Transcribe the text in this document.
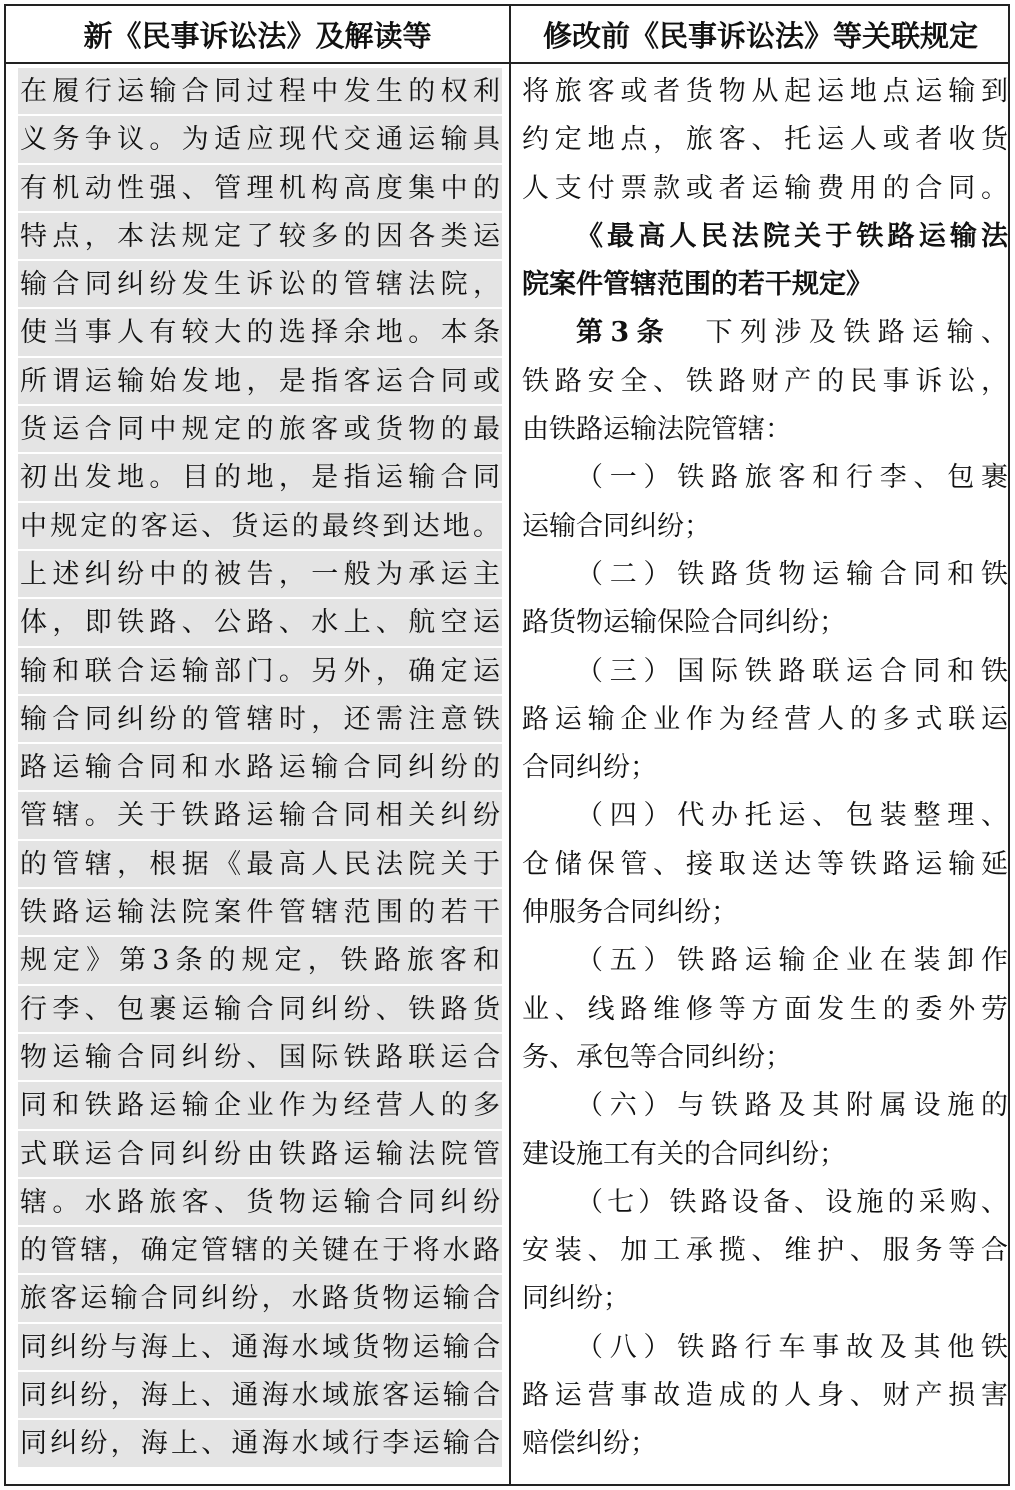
新《民事诉讼法》及解读等	修改前《民事诉讼法》等关联规定
在履行运输合同过程中发生的权利
义务争议。为适应现代交通运输具
有机动性强、管理机构高度集中的
特点，本法规定了较多的因各类运
输合同纠纷发生诉讼的管辖法院，
使当事人有较大的选择余地。本条
所谓运输始发地，是指客运合同或
货运合同中规定的旅客或货物的最
初出发地。目的地，是指运输合同
中规定的客运、货运的最终到达地。
上述纠纷中的被告，一般为承运主
体，即铁路、公路、水上、航空运
输和联合运输部门。另外，确定运
输合同纠纷的管辖时，还需注意铁
路运输合同和水路运输合同纠纷的
管辖。关于铁路运输合同相关纠纷
的管辖，根据《最高人民法院关于
铁路运输法院案件管辖范围的若干
规定》第3条的规定，铁路旅客和
行李、包裹运输合同纠纷、铁路货
物运输合同纠纷、国际铁路联运合
同和铁路运输企业作为经营人的多
式联运合同纠纷由铁路运输法院管
辖。水路旅客、货物运输合同纠纷
的管辖，确定管辖的关键在于将水路
旅客运输合同纠纷，水路货物运输合
同纠纷与海上、通海水域货物运输合
同纠纷，海上、通海水域旅客运输合
同纠纷，海上、通海水域行李运输合
将旅客或者货物从起运地点运输到
约定地点，旅客、托运人或者收货
人支付票款或者运输费用的合同。
《最高人民法院关于铁路运输法
院案件管辖范围的若干规定》
第3条　下列涉及铁路运输、
铁路安全、铁路财产的民事诉讼，
由铁路运输法院管辖：
（一）铁路旅客和行李、包裹
运输合同纠纷；
（二）铁路货物运输合同和铁
路货物运输保险合同纠纷；
（三）国际铁路联运合同和铁
路运输企业作为经营人的多式联运
合同纠纷；
（四）代办托运、包装整理、
仓储保管、接取送达等铁路运输延
伸服务合同纠纷；
（五）铁路运输企业在装卸作
业、线路维修等方面发生的委外劳
务、承包等合同纠纷；
（六）与铁路及其附属设施的
建设施工有关的合同纠纷；
（七）铁路设备、设施的采购、
安装、加工承揽、维护、服务等合
同纠纷；
（八）铁路行车事故及其他铁
路运营事故造成的人身、财产损害
赔偿纠纷；
